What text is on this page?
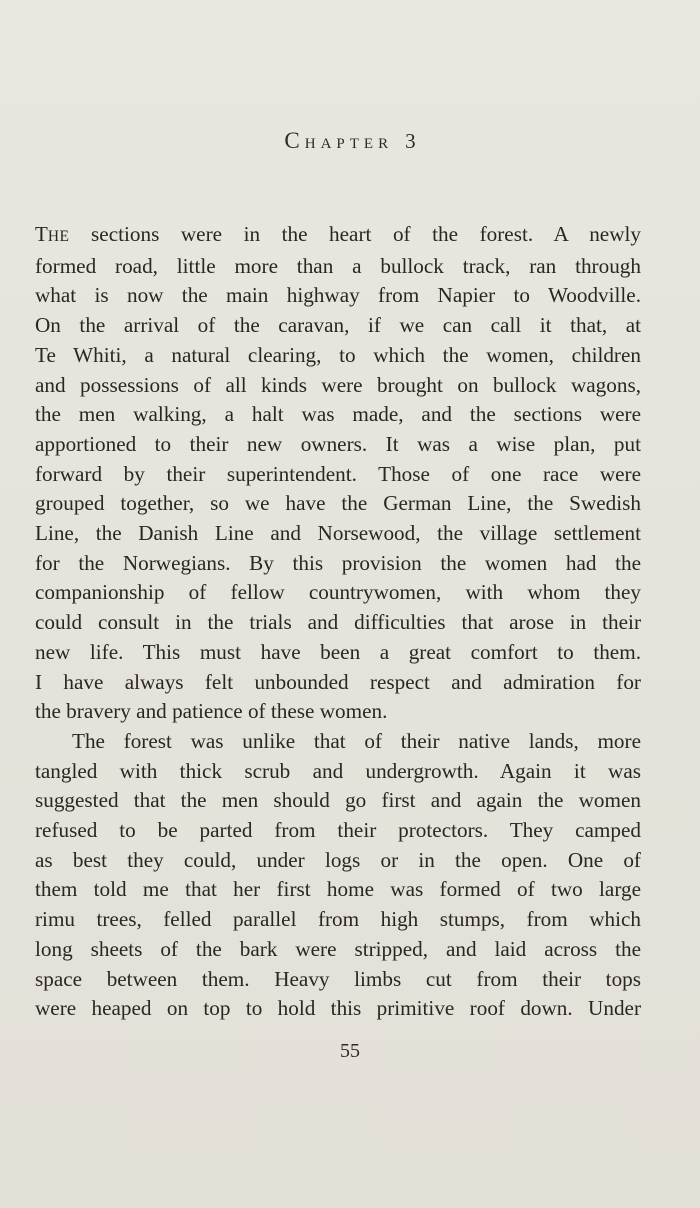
CHAPTER 3
THE sections were in the heart of the forest. A newly
formed road, little more than a bullock track, ran through
what is now the main highway from Napier to Woodville.
On the arrival of the caravan, if we can call it that, at
Te Whiti, a natural clearing, to which the women, children
and possessions of all kinds were brought on bullock wagons,
the men walking, a halt was made, and the sections were
apportioned to their new owners. It was a wise plan, put
forward by their superintendent. Those of one race were
grouped together, so we have the German Line, the Swedish
Line, the Danish Line and Norsewood, the village settlement
for the Norwegians. By this provision the women had the
companionship of fellow countrywomen, with whom they
could consult in the trials and difficulties that arose in their
new life. This must have been a great comfort to them.
I have always felt unbounded respect and admiration for
the bravery and patience of these women.
The forest was unlike that of their native lands, more
tangled with thick scrub and undergrowth. Again it was
suggested that the men should go first and again the women
refused to be parted from their protectors. They camped
as best they could, under logs or in the open. One of
them told me that her first home was formed of two large
rimu trees, felled parallel from high stumps, from which
long sheets of the bark were stripped, and laid across the
space between them. Heavy limbs cut from their tops
were heaped on top to hold this primitive roof down. Under
55
